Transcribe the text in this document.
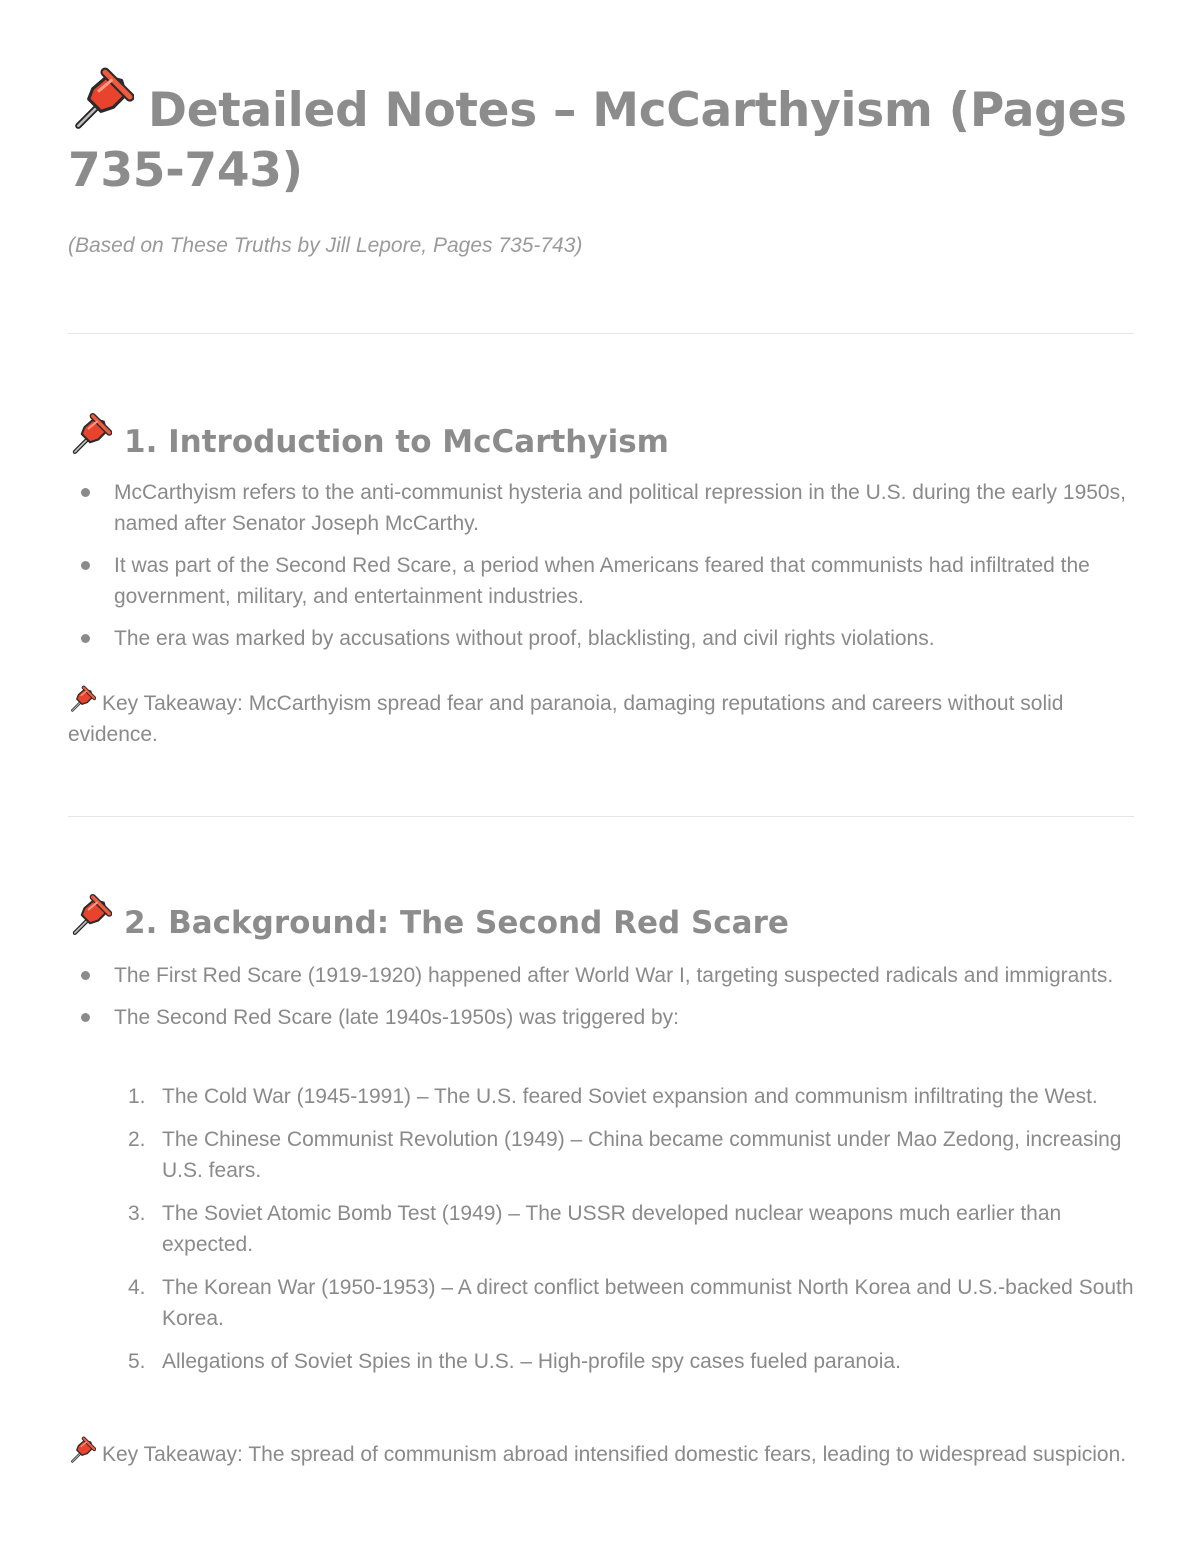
Detailed Notes – McCarthyism (Pages 735-743)

(Based on These Truths by Jill Lepore, Pages 735-743)

1. Introduction to McCarthyism
McCarthyism refers to the anti-communist hysteria and political repression in the U.S. during the early 1950s, named after Senator Joseph McCarthy.
It was part of the Second Red Scare, a period when Americans feared that communists had infiltrated the government, military, and entertainment industries.
The era was marked by accusations without proof, blacklisting, and civil rights violations.

Key Takeaway: McCarthyism spread fear and paranoia, damaging reputations and careers without solid evidence.

2. Background: The Second Red Scare
The First Red Scare (1919-1920) happened after World War I, targeting suspected radicals and immigrants.
The Second Red Scare (late 1940s-1950s) was triggered by:
1. The Cold War (1945-1991) – The U.S. feared Soviet expansion and communism infiltrating the West.
2. The Chinese Communist Revolution (1949) – China became communist under Mao Zedong, increasing U.S. fears.
3. The Soviet Atomic Bomb Test (1949) – The USSR developed nuclear weapons much earlier than expected.
4. The Korean War (1950-1953) – A direct conflict between communist North Korea and U.S.-backed South Korea.
5. Allegations of Soviet Spies in the U.S. – High-profile spy cases fueled paranoia.

Key Takeaway: The spread of communism abroad intensified domestic fears, leading to widespread suspicion.
